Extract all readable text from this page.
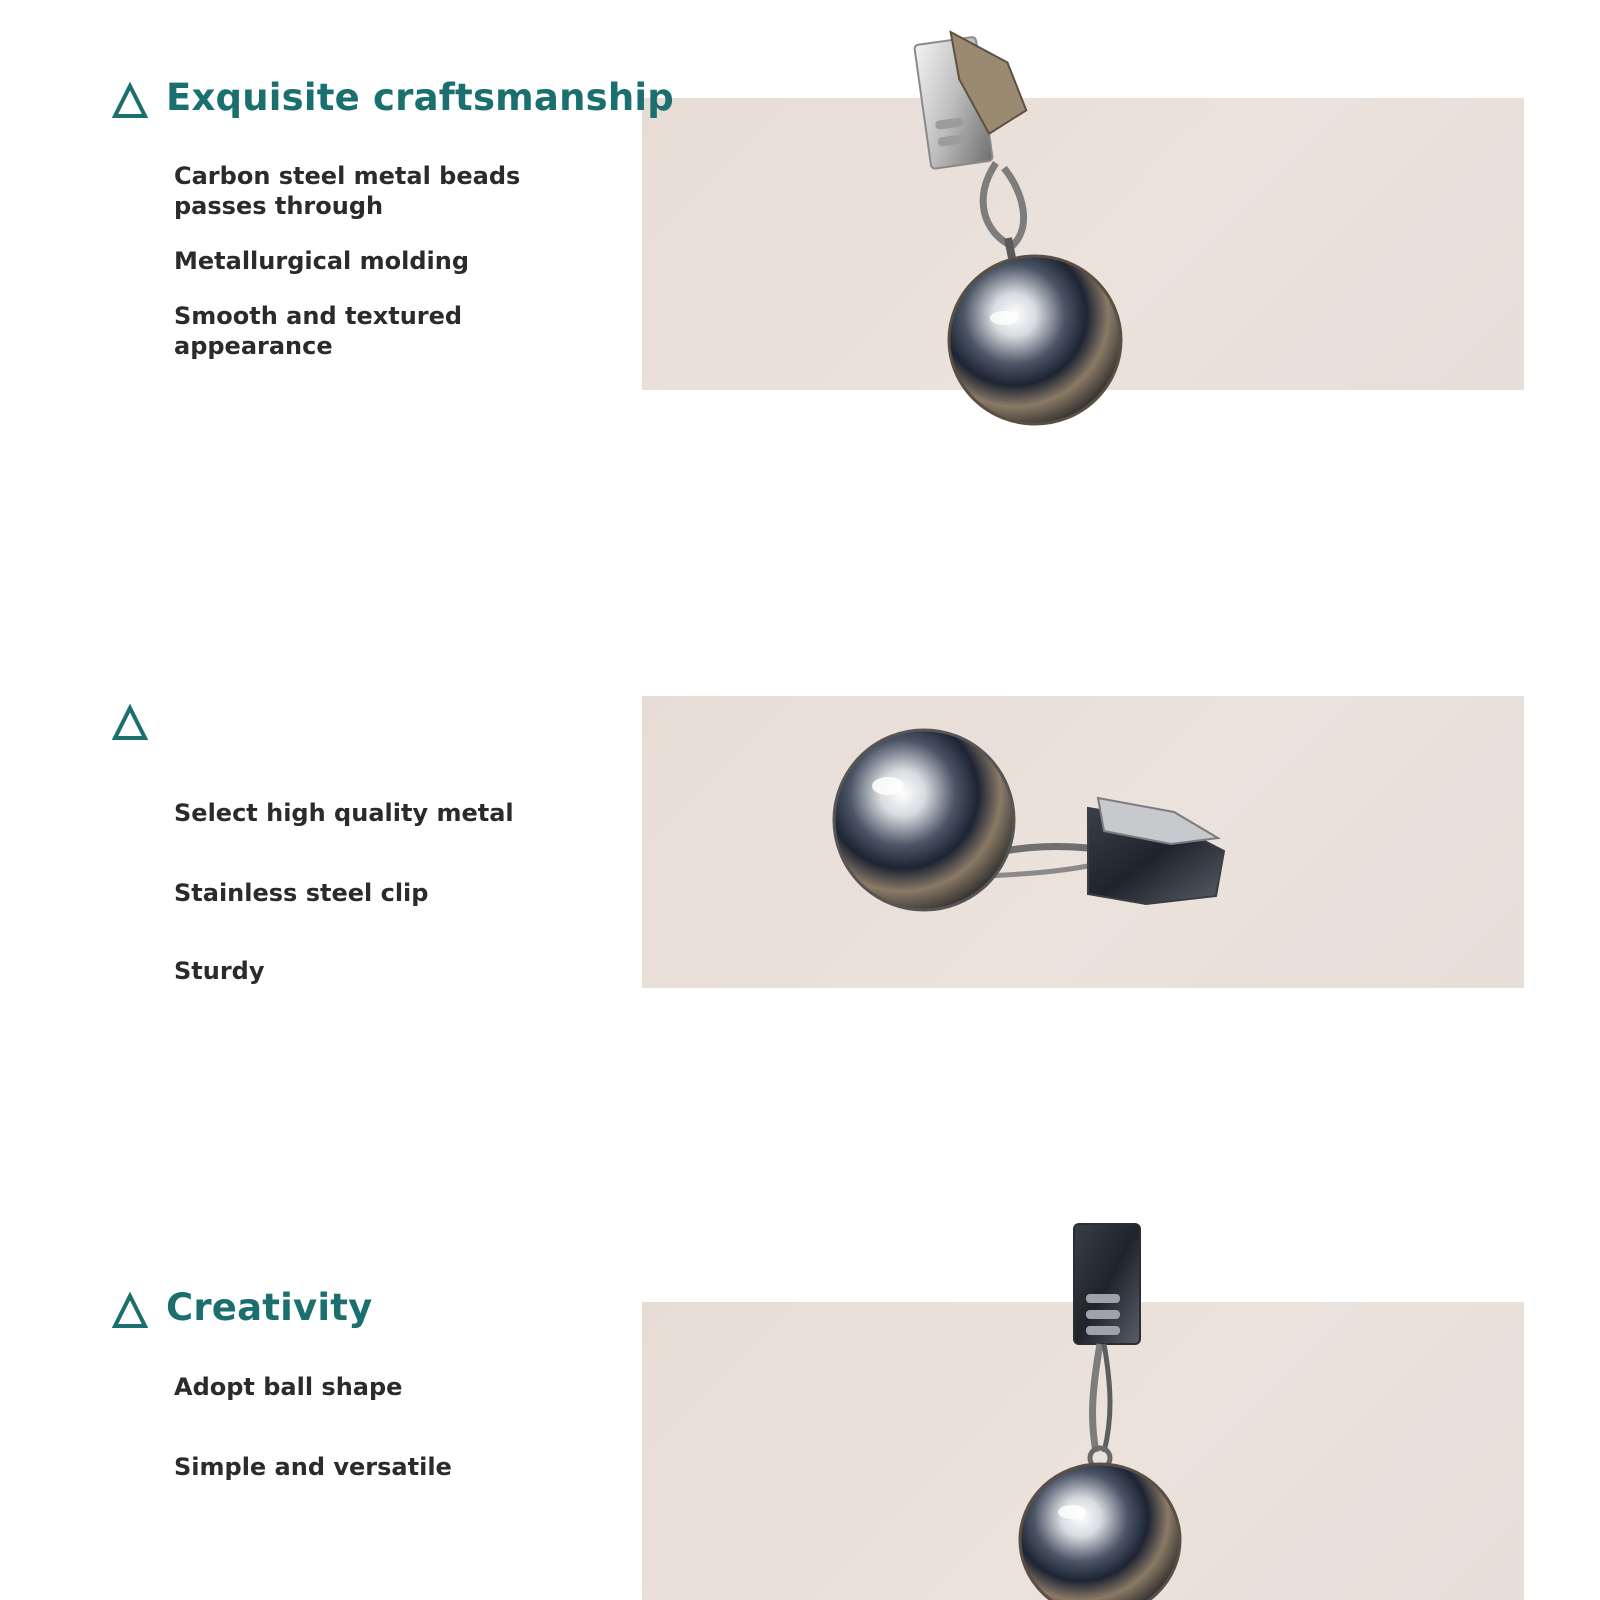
Exquisite craftsmanship

Carbon steel metal beads

passes through

Metallurgical molding

Smooth and textured

appearance

Select high quality metal

Stainless steel clip

Sturdy

Creativity

Adopt ball shape

Simple and versatile
